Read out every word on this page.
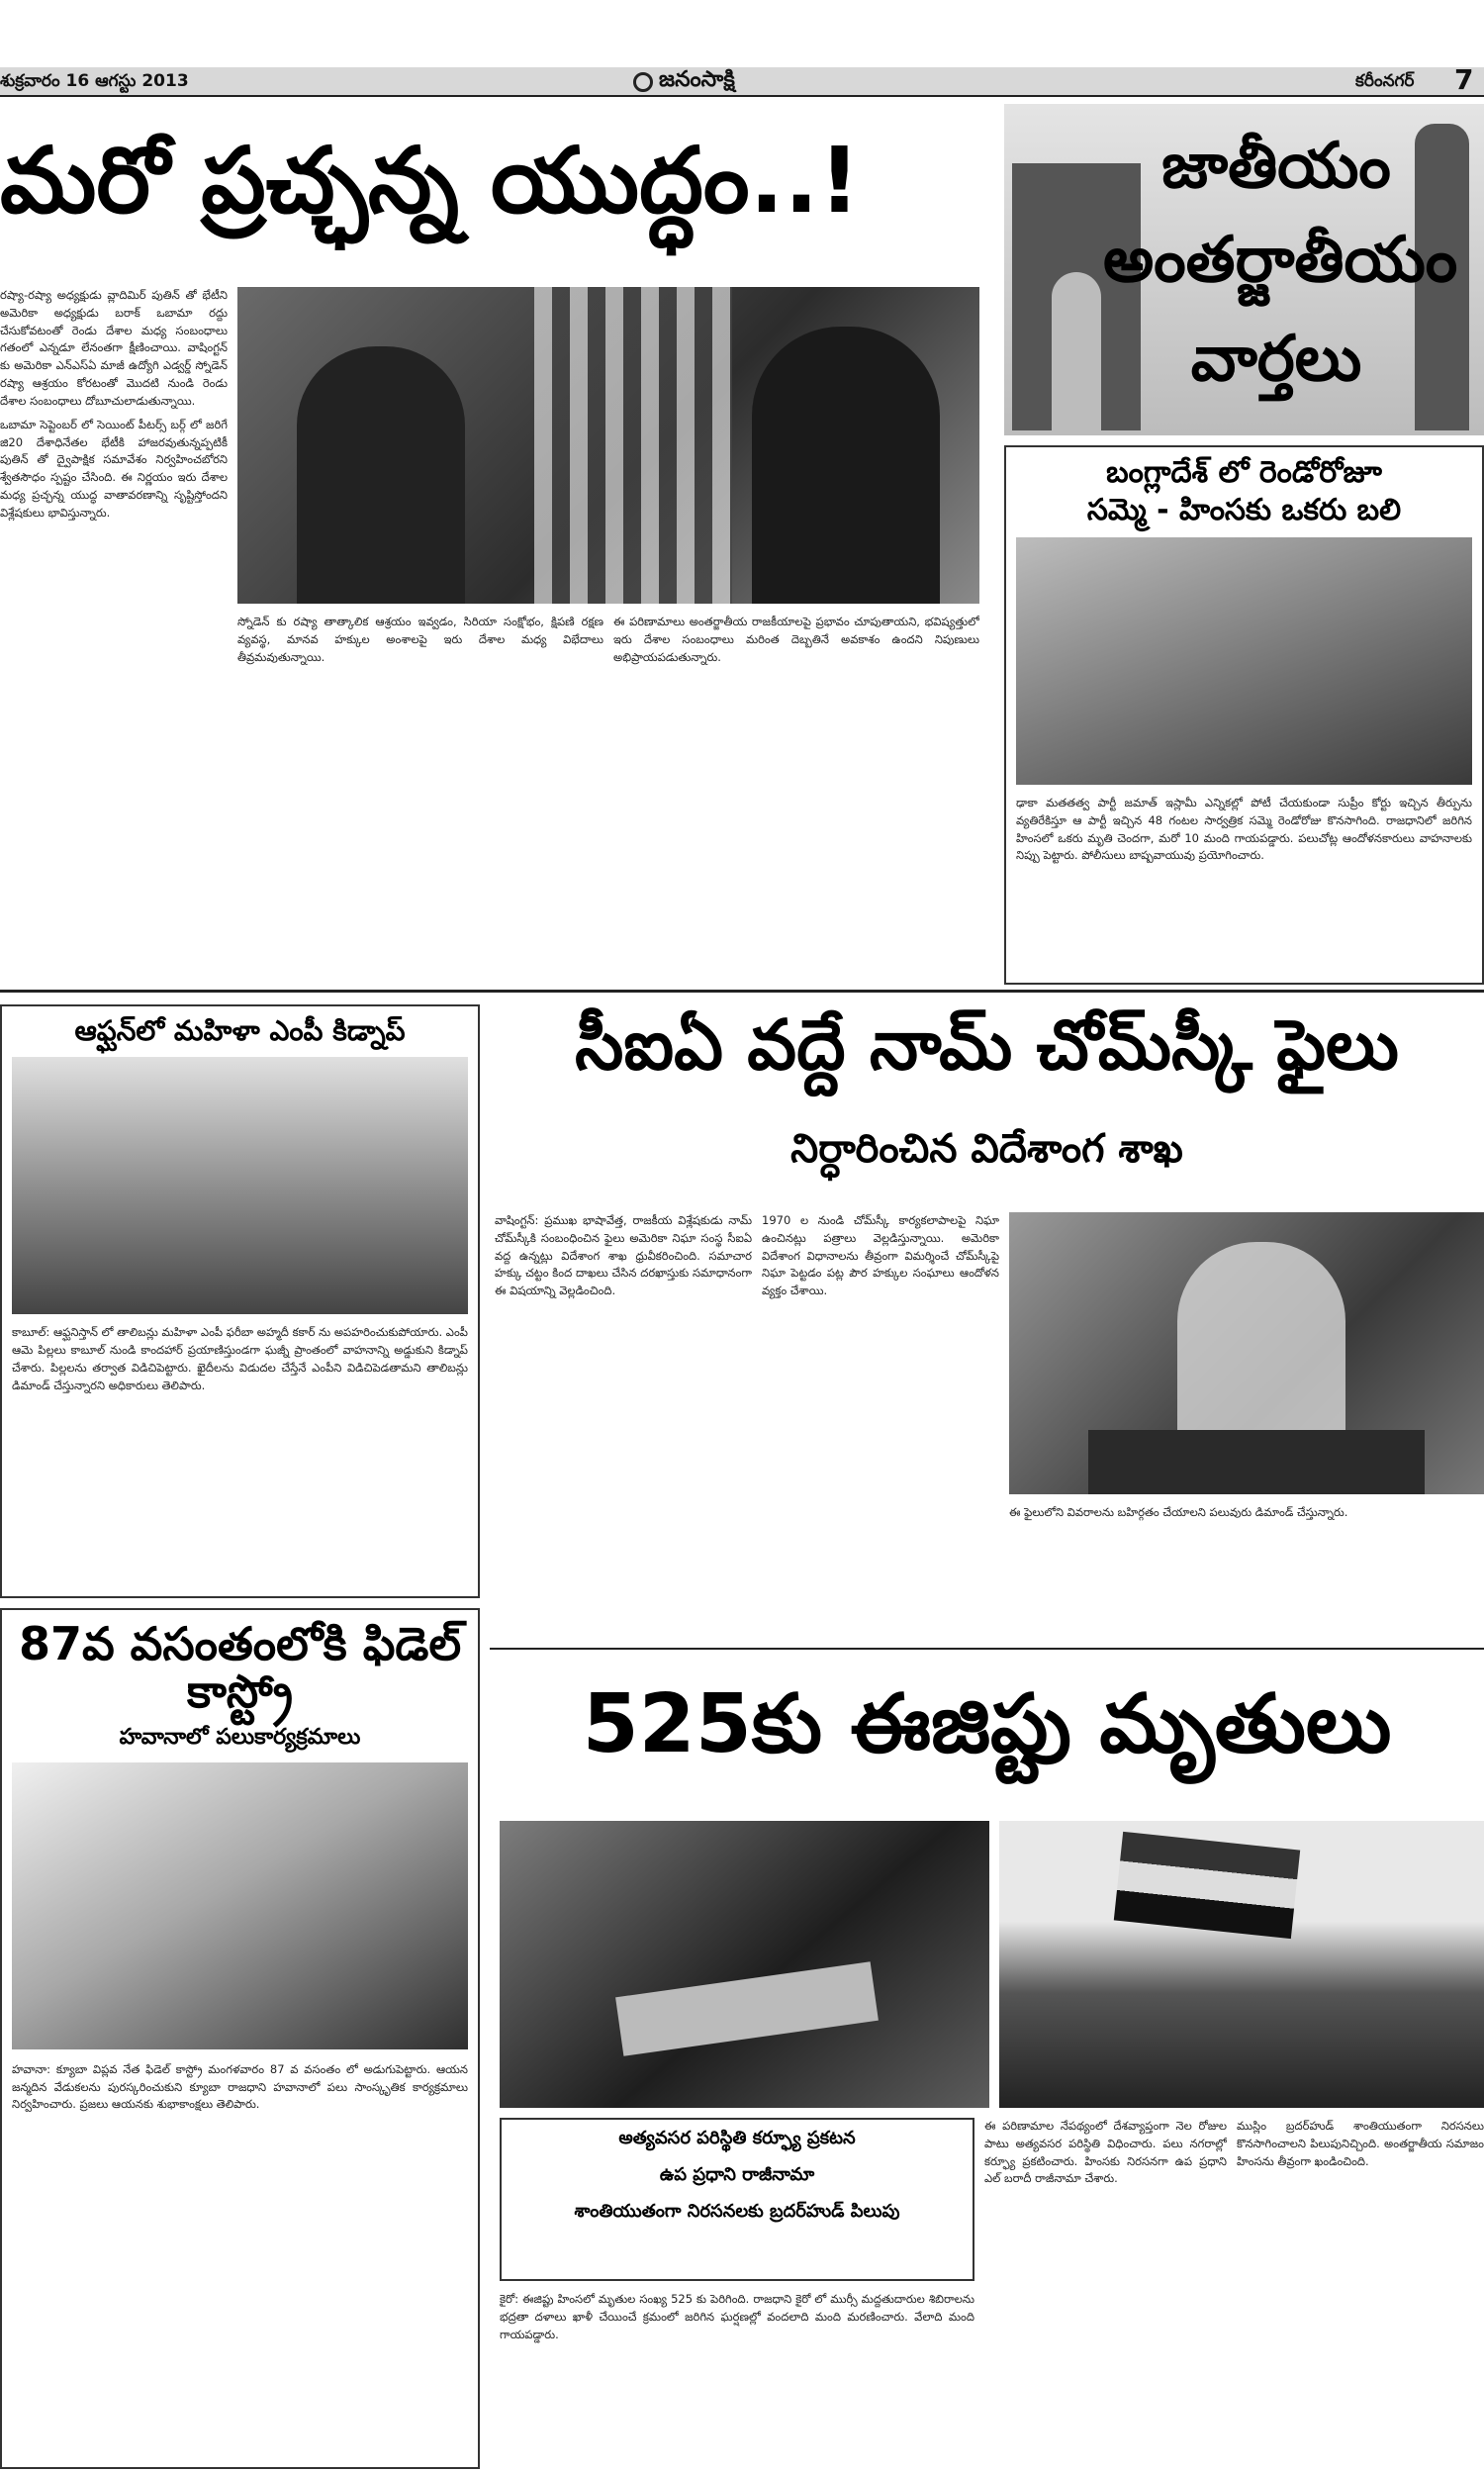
శుక్రవారం 16 ఆగస్టు 2013	జనంసాక్షి	కరీంనగర్ 7
మరో ప్రచ్ఛన్న యుద్ధం..!	జాతీయం
అంతర్జాతీయం
వార్తలు

రష్యా-రష్యా అధ్యక్షుడు వ్లాదిమిర్ పుతిన్ తో భేటీని అమెరికా అధ్యక్షుడు బరాక్ ఒబామా రద్దు చేసుకోవటంతో రెండు దేశాల మధ్య సంబంధాలు గతంలో ఎన్నడూ లేనంతగా క్షీణించాయి. వాషింగ్టన్ కు అమెరికా ఎన్ఎస్ఏ మాజీ ఉద్యోగి ఎడ్వర్డ్ స్నోడెన్ రష్యా ఆశ్రయం కోరటంతో మొదటి నుండి రెండు దేశాల సంబంధాలు దోబూచులాడుతున్నాయి.

ఒబామా సెప్టెంబర్ లో సెయింట్ పీటర్స్ బర్గ్ లో జరిగే జి20 దేశాధినేతల భేటీకి హాజరవుతున్నప్పటికీ పుతిన్ తో ద్వైపాక్షిక సమావేశం నిర్వహించబోరని శ్వేతసౌధం స్పష్టం చేసింది. ఈ నిర్ణయం ఇరు దేశాల మధ్య ప్రచ్ఛన్న యుద్ధ వాతావరణాన్ని సృష్టిస్తోందని విశ్లేషకులు భావిస్తున్నారు.

స్నోడెన్ కు రష్యా తాత్కాలిక ఆశ్రయం ఇవ్వడం, సిరియా సంక్షోభం, క్షిపణి రక్షణ వ్యవస్థ, మానవ హక్కుల అంశాలపై ఇరు దేశాల మధ్య విభేదాలు తీవ్రమవుతున్నాయి.

ఈ పరిణామాలు అంతర్జాతీయ రాజకీయాలపై ప్రభావం చూపుతాయని, భవిష్యత్తులో ఇరు దేశాల సంబంధాలు మరింత దెబ్బతినే అవకాశం ఉందని నిపుణులు అభిప్రాయపడుతున్నారు.

బంగ్లాదేశ్ లో రెండోరోజూ
సమ్మె - హింసకు ఒకరు బలి
ఢాకా మతతత్వ పార్టీ జమాత్ ఇస్లామీ ఎన్నికల్లో పోటీ చేయకుండా సుప్రీం కోర్టు ఇచ్చిన తీర్పును వ్యతిరేకిస్తూ ఆ పార్టీ ఇచ్చిన 48 గంటల సార్వత్రిక సమ్మె రెండోరోజు కొనసాగింది. రాజధానిలో జరిగిన హింసలో ఒకరు మృతి చెందగా, మరో 10 మంది గాయపడ్డారు. పలుచోట్ల ఆందోళనకారులు వాహనాలకు నిప్పు పెట్టారు. పోలీసులు బాష్పవాయువు ప్రయోగించారు.
ఆఫ్ఘన్‌లో మహిళా ఎంపీ కిడ్నాప్
కాబూల్: ఆఫ్ఘనిస్తాన్ లో తాలిబన్లు మహిళా ఎంపీ ఫరీబా అహ్మదీ కకార్ ను అపహరించుకుపోయారు. ఎంపీ ఆమె పిల్లలు కాబూల్ నుండి కాందహార్ ప్రయాణిస్తుండగా ఘజ్నీ ప్రాంతంలో వాహనాన్ని అడ్డుకుని కిడ్నాప్ చేశారు. పిల్లలను తర్వాత విడిచిపెట్టారు. ఖైదీలను విడుదల చేస్తేనే ఎంపీని విడిచిపెడతామని తాలిబన్లు డిమాండ్ చేస్తున్నారని అధికారులు తెలిపారు.
87వ వసంతంలోకి ఫిడెల్ కాస్ట్రో
హవానాలో పలుకార్యక్రమాలు
హవానా: క్యూబా విప్లవ నేత ఫిడెల్ కాస్ట్రో మంగళవారం 87 వ వసంతం లో అడుగుపెట్టారు. ఆయన జన్మదిన వేడుకలను పురస్కరించుకుని క్యూబా రాజధాని హవానాలో పలు సాంస్కృతిక కార్యక్రమాలు నిర్వహించారు. ప్రజలు ఆయనకు శుభాకాంక్షలు తెలిపారు.
సీఐఏ వద్దే నామ్ చోమ్‌స్కీ ఫైలు
నిర్ధారించిన విదేశాంగ శాఖ

వాషింగ్టన్: ప్రముఖ భాషావేత్త, రాజకీయ విశ్లేషకుడు నామ్ చోమ్‌స్కీకి సంబంధించిన ఫైలు అమెరికా నిఘా సంస్థ సీఐఏ వద్ద ఉన్నట్లు విదేశాంగ శాఖ ధ్రువీకరించింది. సమాచార హక్కు చట్టం కింద దాఖలు చేసిన దరఖాస్తుకు సమాధానంగా ఈ విషయాన్ని వెల్లడించింది.

1970 ల నుండి చోమ్‌స్కీ కార్యకలాపాలపై నిఘా ఉంచినట్లు పత్రాలు వెల్లడిస్తున్నాయి. అమెరికా విదేశాంగ విధానాలను తీవ్రంగా విమర్శించే చోమ్‌స్కీపై నిఘా పెట్టడం పట్ల పౌర హక్కుల సంఘాలు ఆందోళన వ్యక్తం చేశాయి.

ఈ ఫైలులోని వివరాలను బహిర్గతం చేయాలని పలువురు డిమాండ్ చేస్తున్నారు.

525కు ఈజిప్టు మృతులు
అత్యవసర పరిస్థితి కర్ఫ్యూ ప్రకటన
ఉప ప్రధాని రాజీనామా
శాంతియుతంగా నిరసనలకు బ్రదర్‌హుడ్ పిలుపు

కైరో: ఈజిప్టు హింసలో మృతుల సంఖ్య 525 కు పెరిగింది. రాజధాని కైరో లో ముర్సీ మద్దతుదారుల శిబిరాలను భద్రతా దళాలు ఖాళీ చేయించే క్రమంలో జరిగిన ఘర్షణల్లో వందలాది మంది మరణించారు. వేలాది మంది గాయపడ్డారు.

ఈ పరిణామాల నేపథ్యంలో దేశవ్యాప్తంగా నెల రోజుల పాటు అత్యవసర పరిస్థితి విధించారు. పలు నగరాల్లో కర్ఫ్యూ ప్రకటించారు. హింసకు నిరసనగా ఉప ప్రధాని ఎల్ బరాదీ రాజీనామా చేశారు.

ముస్లిం బ్రదర్‌హుడ్ శాంతియుతంగా నిరసనలు కొనసాగించాలని పిలుపునిచ్చింది. అంతర్జాతీయ సమాజం హింసను తీవ్రంగా ఖండించింది.
